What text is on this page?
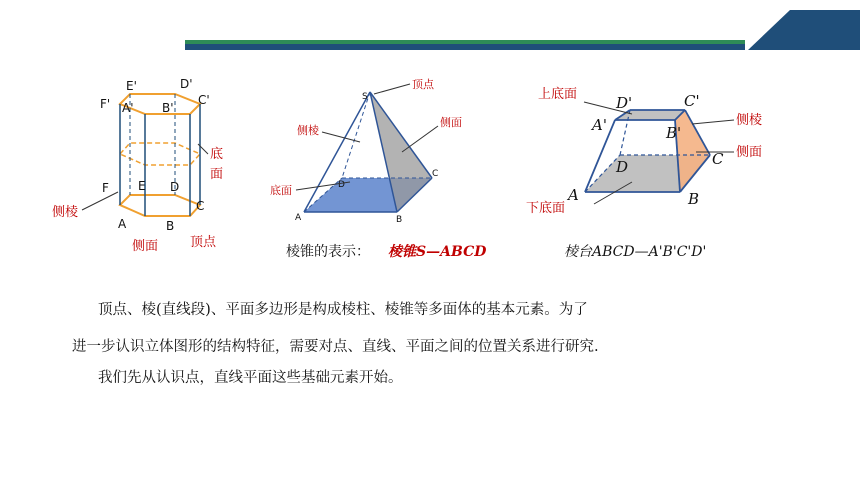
E'	D'
F' A' B'
C'
E D
F
A	B
C
底
面
侧棱
侧面 顶点
S
A	B
C
D
顶点
侧棱
侧面
底面
棱锥的表示： 棱锥S—ABCD
D'	C'
A'	B'
D	C
A	B
上底面
侧棱
侧面
下底面
棱台ABCD—A'B'C'D'
顶点、棱(直线段)、平面多边形是构成棱柱、棱锥等多面体的基本元素。为了
进一步认识立体图形的结构特征，需要对点、直线、平面之间的位置关系进行研究.
我们先从认识点，直线平面这些基础元素开始。
